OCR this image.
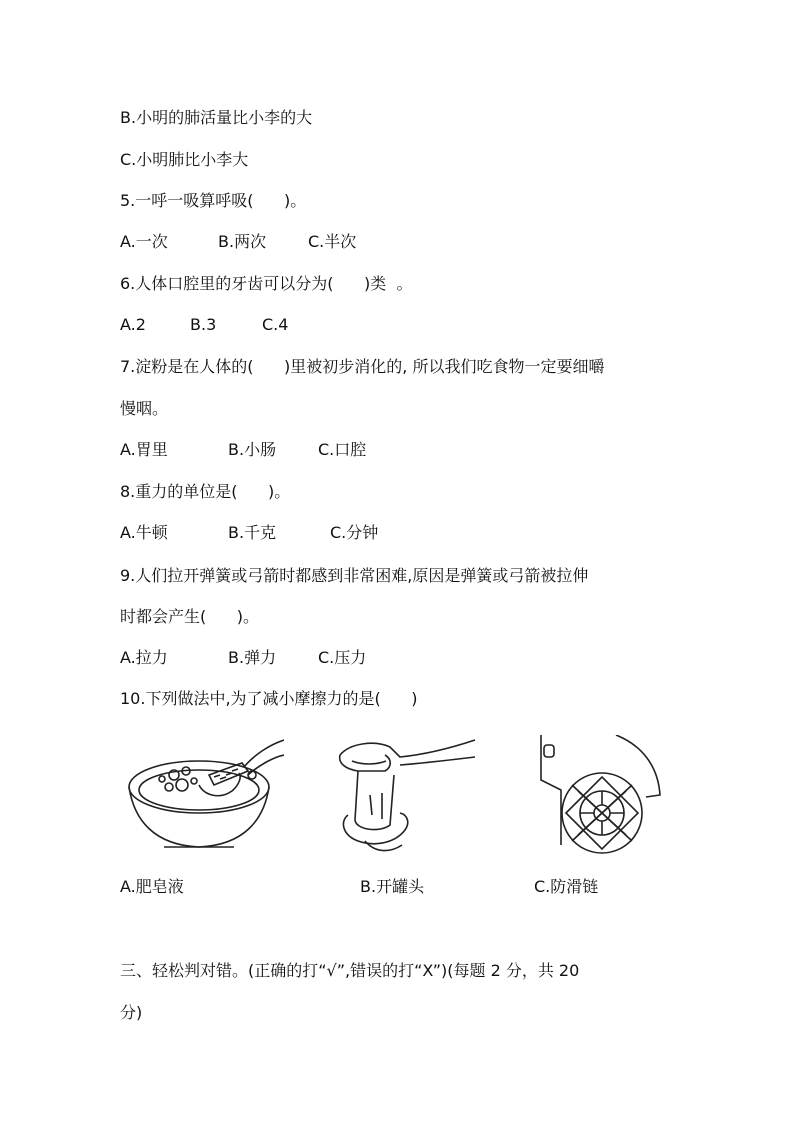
B.小明的肺活量比小李的大
C.小明肺比小李大
5.一呼一吸算呼吸(      )。
A.一次	B.两次	C.半次
6.人体口腔里的牙齿可以分为(      )类  。
A.2	B.3	C.4
7.淀粉是在人体的(      )里被初步消化的, 所以我们吃食物一定要细嚼
慢咽。
A.胃里	B.小肠	C.口腔
8.重力的单位是(      )。
A.牛顿	B.千克	C.分钟
9.人们拉开弹簧或弓箭时都感到非常困难,原因是弹簧或弓箭被拉伸
时都会产生(      )。
A.拉力	B.弹力	C.压力
10.下列做法中,为了减小摩擦力的是(      )
A.肥皂液	B.开罐头	C.防滑链
三、轻松判对错。(正确的打“√”,错误的打“X”)(每题 2 分，共 20
分)
